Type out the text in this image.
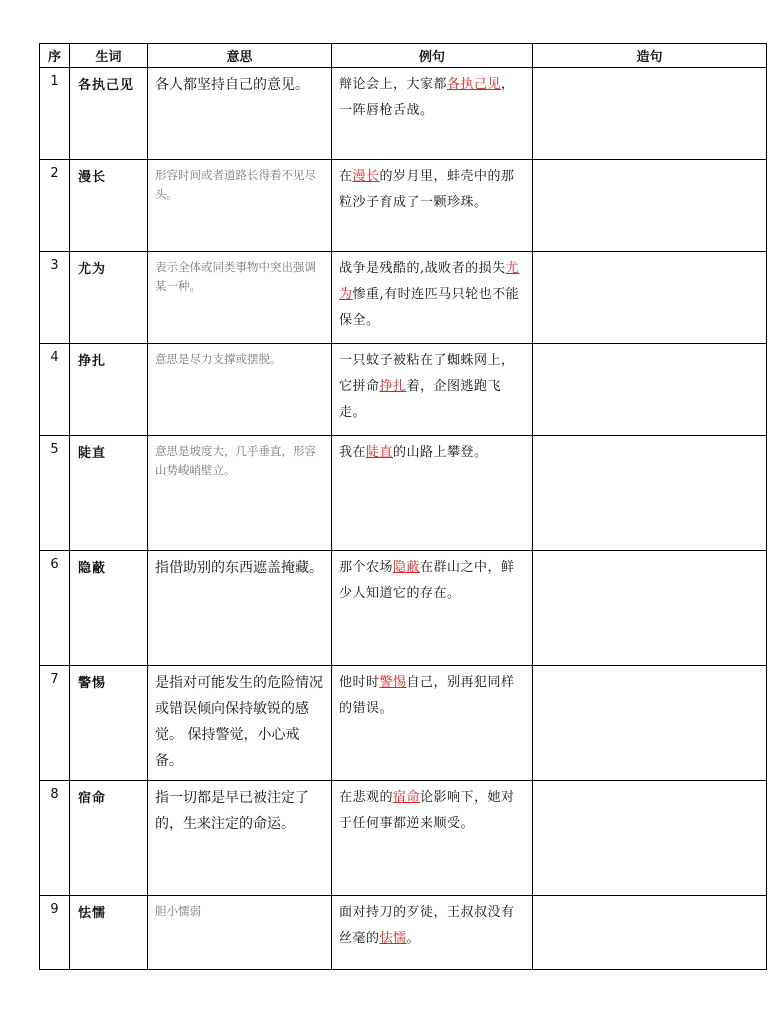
序	生词	意思	例句	造句
1	各执己见	各人都坚持自己的意见。	辩论会上，大家都各执己见，一阵唇枪舌战。	
2	漫长	形容时间或者道路长得看不见尽头。	在漫长的岁月里，蚌壳中的那粒沙子育成了一颗珍珠。	
3	尤为	表示全体或同类事物中突出强调某一种。	战争是残酷的,战败者的损失尤为惨重,有时连匹马只轮也不能保全。	
4	挣扎	意思是尽力支撑或摆脱。	一只蚊子被粘在了蜘蛛网上，它拼命挣扎着，企图逃跑飞走。	
5	陡直	意思是坡度大，几乎垂直，形容山势峻峭壁立。	我在陡直的山路上攀登。	
6	隐蔽	指借助别的东西遮盖掩藏。	那个农场隐蔽在群山之中，鲜少人知道它的存在。	
7	警惕	是指对可能发生的危险情况或错误倾向保持敏锐的感觉。 保持警觉，小心戒备。	他时时警惕自己，别再犯同样的错误。	
8	宿命	指一切都是早已被注定了的，生来注定的命运。	在悲观的宿命论影响下，她对于任何事都逆来顺受。	
9	怯懦	胆小懦弱	面对持刀的歹徒，王叔叔没有丝毫的怯懦。	
